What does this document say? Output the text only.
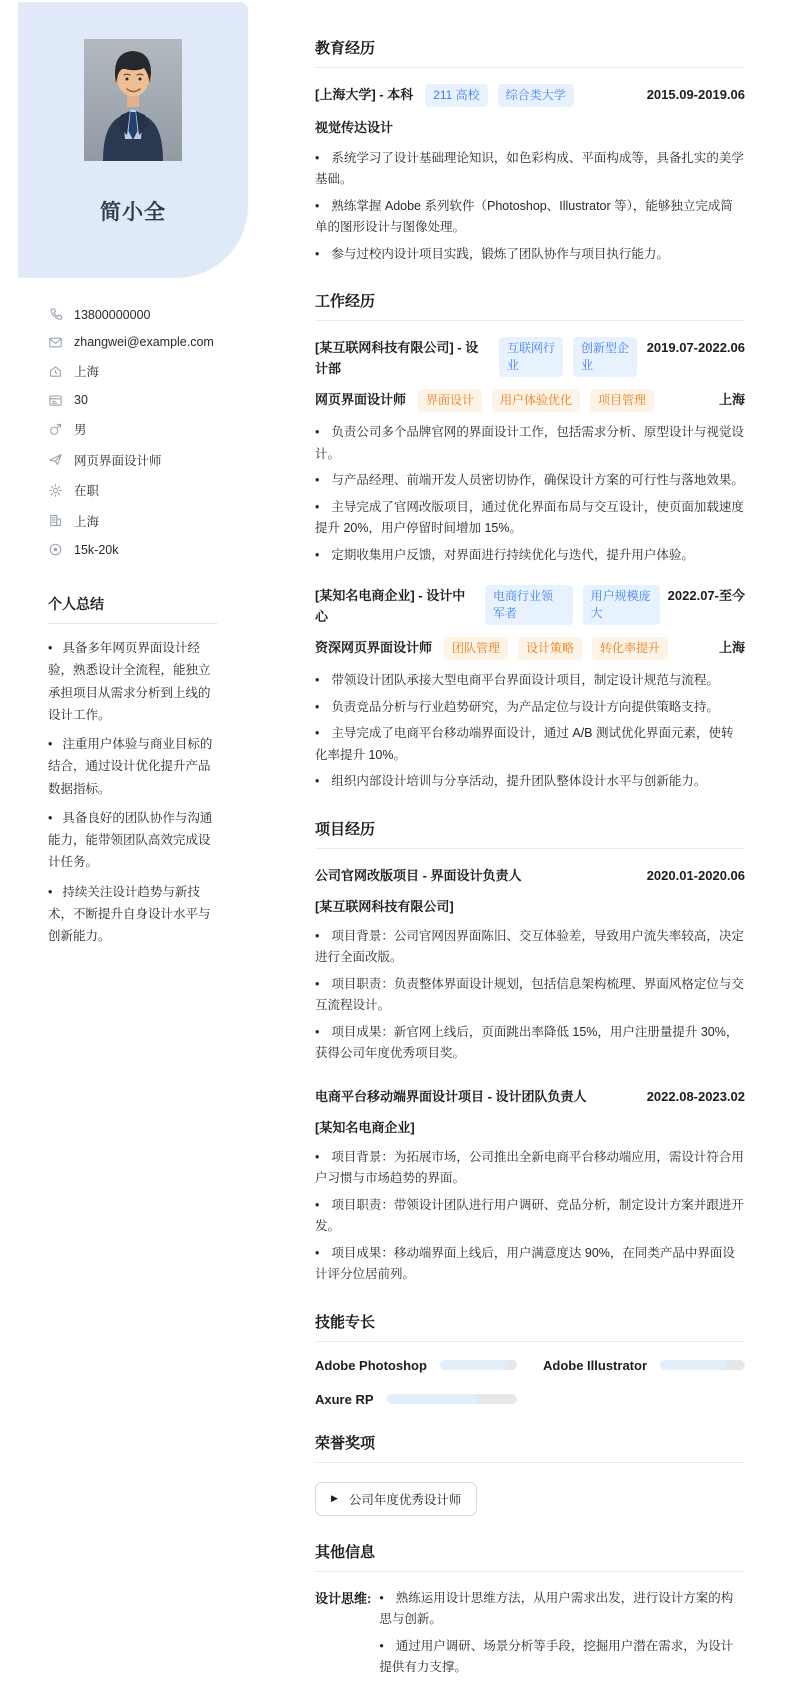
简小全
13800000000
zhangwei@example.com
上海
30
男
网页界面设计师
在职
上海
15k-20k
个人总结
• 具备多年网页界面设计经验，熟悉设计全流程，能独立承担项目从需求分析到上线的设计工作。
• 注重用户体验与商业目标的结合，通过设计优化提升产品数据指标。
• 具备良好的团队协作与沟通能力，能带领团队高效完成设计任务。
• 持续关注设计趋势与新技术，不断提升自身设计水平与创新能力。
教育经历
[上海大学] - 本科	211 高校	综合类大学	2015.09-2019.06
视觉传达设计
• 系统学习了设计基础理论知识，如色彩构成、平面构成等，具备扎实的美学基础。
• 熟练掌握 Adobe 系列软件（Photoshop、Illustrator 等），能够独立完成简单的图形设计与图像处理。
• 参与过校内设计项目实践，锻炼了团队协作与项目执行能力。
工作经历
[某互联网科技有限公司] - 设计部
互联网行业
创新型企业
2019.07-2022.06
网页界面设计师	界面设计	用户体验优化	项目管理	上海
• 负责公司多个品牌官网的界面设计工作，包括需求分析、原型设计与视觉设计。
• 与产品经理、前端开发人员密切协作，确保设计方案的可行性与落地效果。
• 主导完成了官网改版项目，通过优化界面布局与交互设计，使页面加载速度提升 20%，用户停留时间增加 15%。
• 定期收集用户反馈，对界面进行持续优化与迭代，提升用户体验。
[某知名电商企业] - 设计中心
电商行业领军者
用户规模庞大
2022.07-至今
资深网页界面设计师	团队管理	设计策略	转化率提升	上海
• 带领设计团队承接大型电商平台界面设计项目，制定设计规范与流程。
• 负责竞品分析与行业趋势研究，为产品定位与设计方向提供策略支持。
• 主导完成了电商平台移动端界面设计，通过 A/B 测试优化界面元素，使转化率提升 10%。
• 组织内部设计培训与分享活动，提升团队整体设计水平与创新能力。
项目经历
公司官网改版项目 - 界面设计负责人	2020.01-2020.06
[某互联网科技有限公司]
• 项目背景：公司官网因界面陈旧、交互体验差，导致用户流失率较高，决定进行全面改版。
• 项目职责：负责整体界面设计规划，包括信息架构梳理、界面风格定位与交互流程设计。
• 项目成果：新官网上线后，页面跳出率降低 15%，用户注册量提升 30%，获得公司年度优秀项目奖。
电商平台移动端界面设计项目 - 设计团队负责人	2022.08-2023.02
[某知名电商企业]
• 项目背景：为拓展市场，公司推出全新电商平台移动端应用，需设计符合用户习惯与市场趋势的界面。
• 项目职责：带领设计团队进行用户调研、竞品分析，制定设计方案并跟进开发。
• 项目成果：移动端界面上线后，用户满意度达 90%，在同类产品中界面设计评分位居前列。
技能专长
Adobe Photoshop	Adobe Illustrator
Axure RP
荣誉奖项
▶ 公司年度优秀设计师
其他信息
设计思维:	• 熟练运用设计思维方法，从用户需求出发，进行设计方案的构思与创新。
• 通过用户调研、场景分析等手段，挖掘用户潜在需求，为设计提供有力支撑。
